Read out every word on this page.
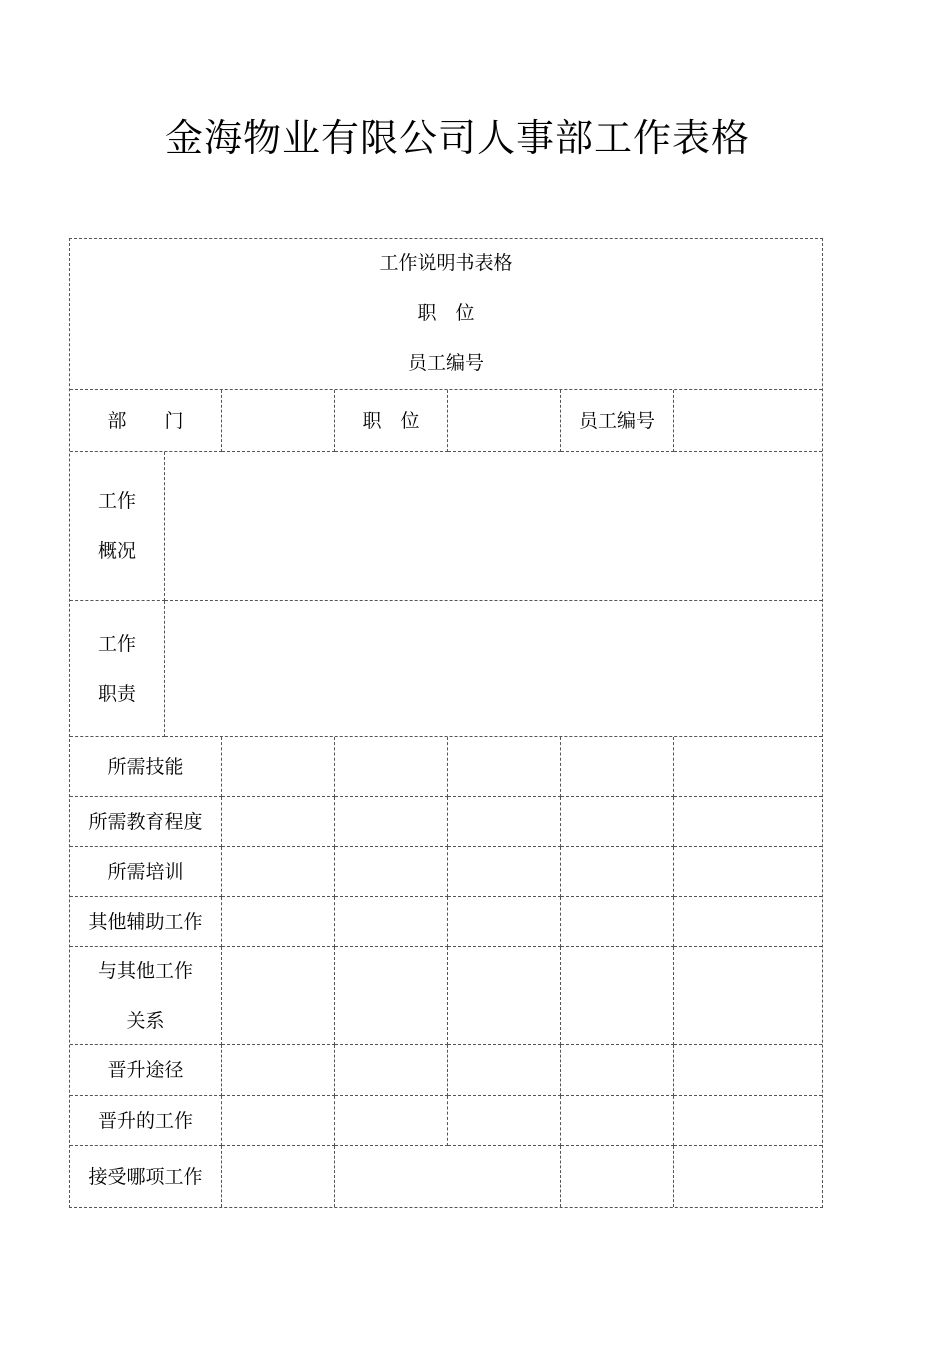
金海物业有限公司人事部工作表格
工作说明书表格
职　位
员工编号
部　　门	职　位	员工编号
工作
概况
工作
职责
所需技能
所需教育程度
所需培训
其他辅助工作
与其他工作
关系
晋升途径
晋升的工作
接受哪项工作
